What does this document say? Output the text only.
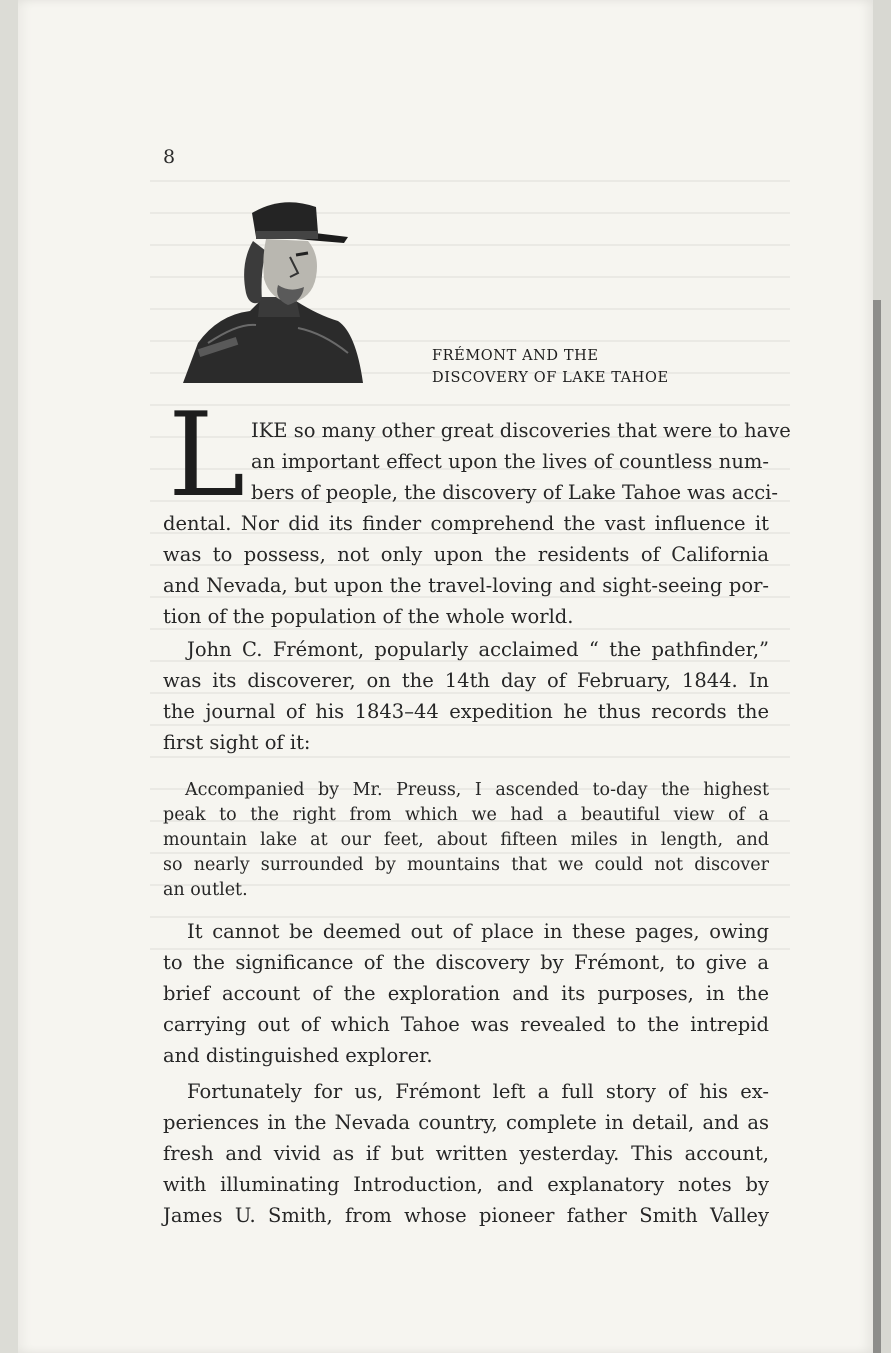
8
FRÉMONT AND THE
DISCOVERY OF LAKE TAHOE
L IKE so many other great discoveries that were to have
an important effect upon the lives of countless num-
bers of people, the discovery of Lake Tahoe was acci-
dental. Nor did its finder comprehend the vast influence it
was to possess, not only upon the residents of California
and Nevada, but upon the travel-loving and sight-seeing por-
tion of the population of the whole world.
John C. Frémont, popularly acclaimed “ the pathfinder,”
was its discoverer, on the 14th day of February, 1844. In
the journal of his 1843–44 expedition he thus records the
first sight of it:
Accompanied by Mr. Preuss, I ascended to-day the highest
peak to the right from which we had a beautiful view of a
mountain lake at our feet, about fifteen miles in length, and
so nearly surrounded by mountains that we could not discover
an outlet.
It cannot be deemed out of place in these pages, owing
to the significance of the discovery by Frémont, to give a
brief account of the exploration and its purposes, in the
carrying out of which Tahoe was revealed to the intrepid
and distinguished explorer.
Fortunately for us, Frémont left a full story of his ex-
periences in the Nevada country, complete in detail, and as
fresh and vivid as if but written yesterday. This account,
with illuminating Introduction, and explanatory notes by
James U. Smith, from whose pioneer father Smith Valley
